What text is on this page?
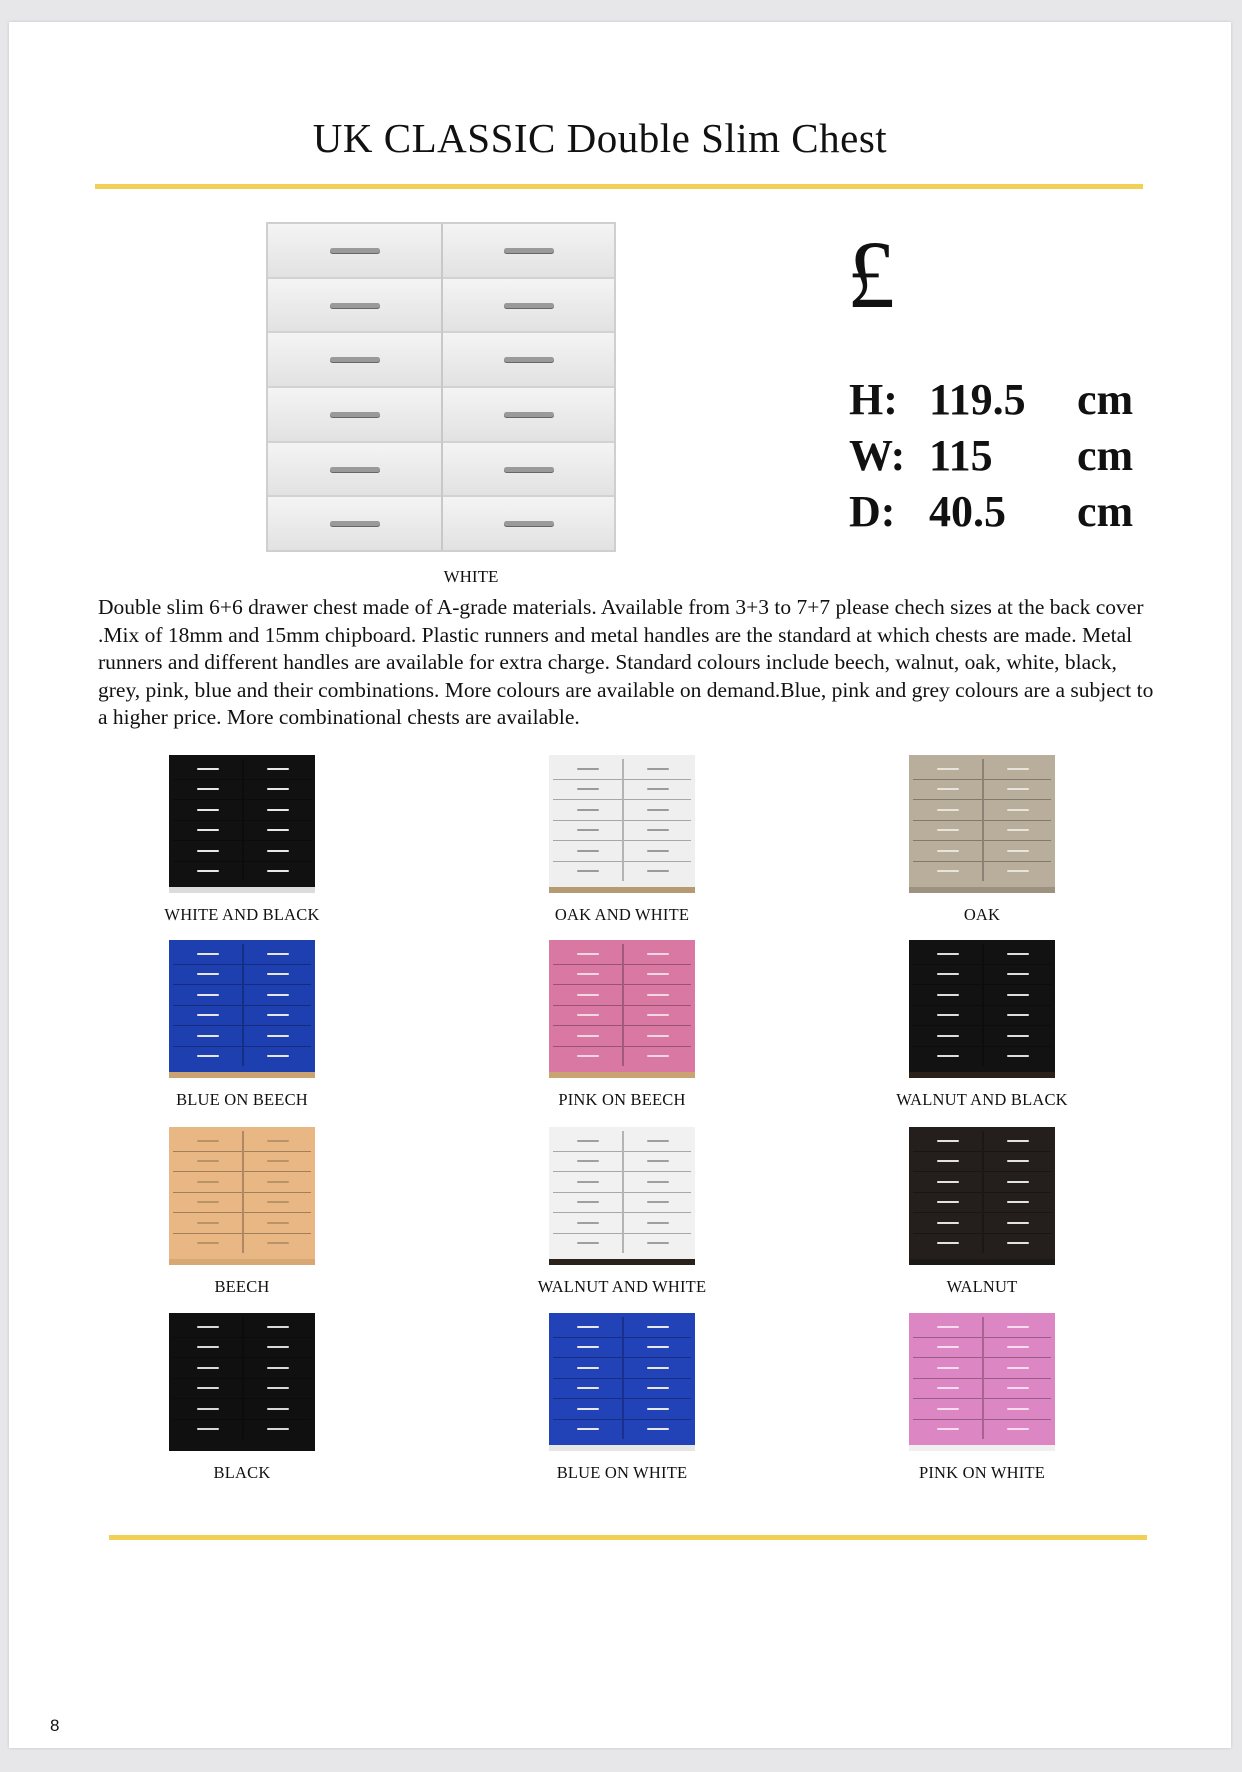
UK CLASSIC Double Slim Chest
WHITE
£
H: 119.5 cm
W: 115 cm
D: 40.5 cm

Double slim 6+6 drawer chest made of A-grade materials. Available from 3+3 to 7+7 please chech sizes at the back cover .Mix of 18mm and 15mm chipboard. Plastic runners and metal handles are the standard at which chests are made. Metal runners and different handles are available for extra charge. Standard colours include beech, walnut, oak, white, black, grey, pink, blue and their combinations. More colours are available on demand.Blue, pink and grey colours are a subject to a higher price. More combinational chests are available.

WHITE AND BLACK	OAK AND WHITE	OAK
BLUE ON BEECH	PINK ON BEECH	WALNUT AND BLACK
BEECH	WALNUT AND WHITE	WALNUT
BLACK	BLUE ON WHITE	PINK ON WHITE
8
